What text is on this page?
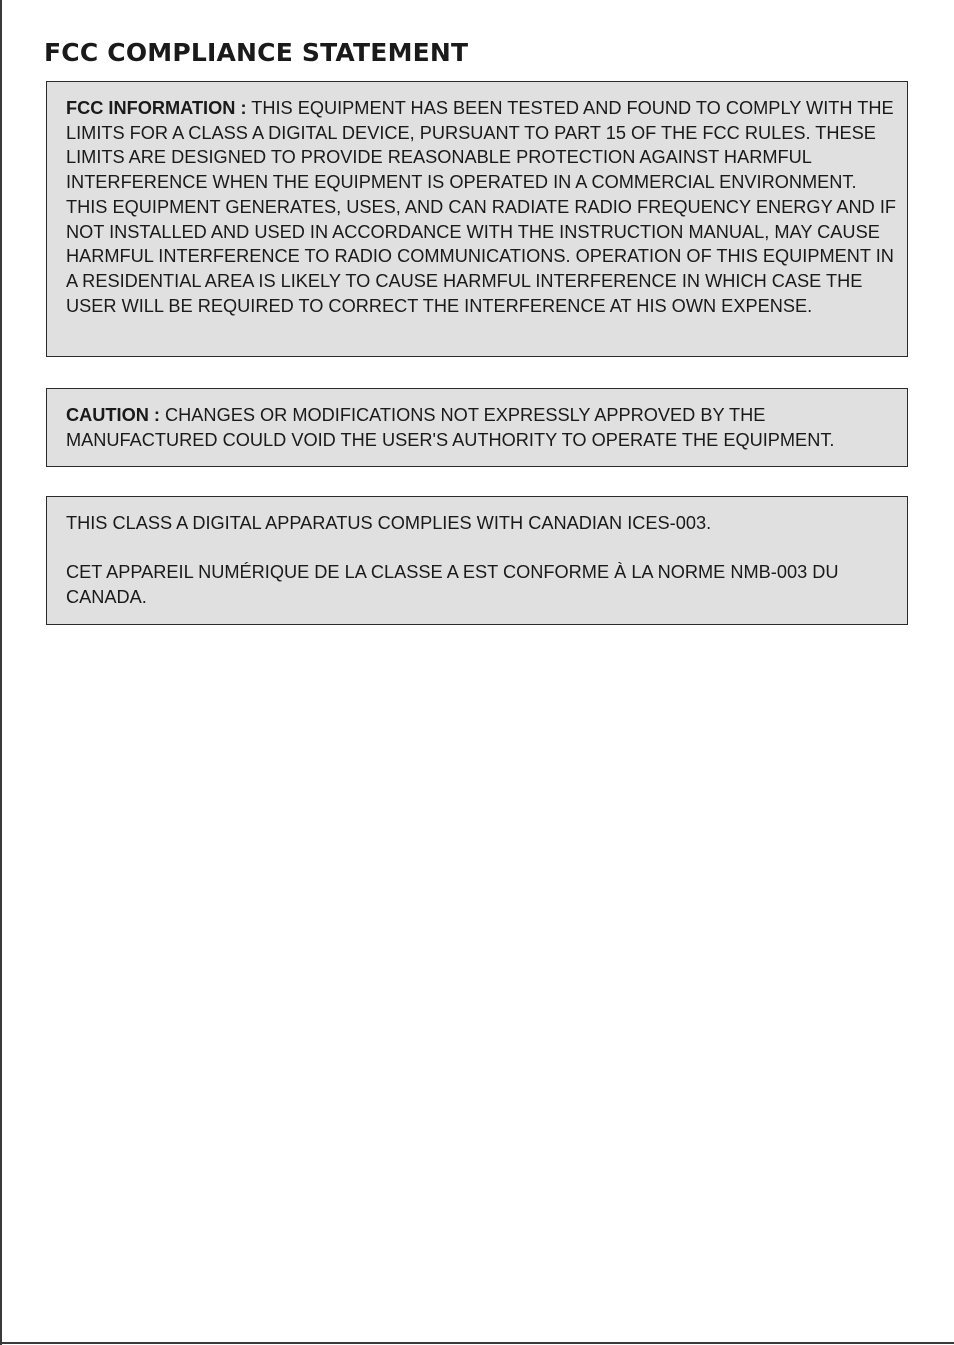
FCC COMPLIANCE STATEMENT

FCC INFORMATION : THIS EQUIPMENT HAS BEEN TESTED AND FOUND TO COMPLY WITH THE LIMITS FOR A CLASS A DIGITAL DEVICE, PURSUANT TO PART 15 OF THE FCC RULES. THESE LIMITS ARE DESIGNED TO PROVIDE REASONABLE PROTECTION AGAINST HARMFUL INTERFERENCE WHEN THE EQUIPMENT IS OPERATED IN A COMMERCIAL ENVIRONMENT. THIS EQUIPMENT GENERATES, USES, AND CAN RADIATE RADIO FREQUENCY ENERGY AND IF NOT INSTALLED AND USED IN ACCORDANCE WITH THE INSTRUCTION MANUAL, MAY CAUSE HARMFUL INTERFERENCE TO RADIO COMMUNICATIONS. OPERATION OF THIS EQUIPMENT IN A RESIDENTIAL AREA IS LIKELY TO CAUSE HARMFUL INTERFERENCE IN WHICH CASE THE USER WILL BE REQUIRED TO CORRECT THE INTERFERENCE AT HIS OWN EXPENSE.

CAUTION : CHANGES OR MODIFICATIONS NOT EXPRESSLY APPROVED BY THE MANUFACTURED COULD VOID THE USER'S AUTHORITY TO OPERATE THE EQUIPMENT.

THIS CLASS A DIGITAL APPARATUS COMPLIES WITH CANADIAN ICES-003.

CET APPAREIL NUMÉRIQUE DE LA CLASSE A EST CONFORME À LA NORME NMB-003 DU CANADA.
